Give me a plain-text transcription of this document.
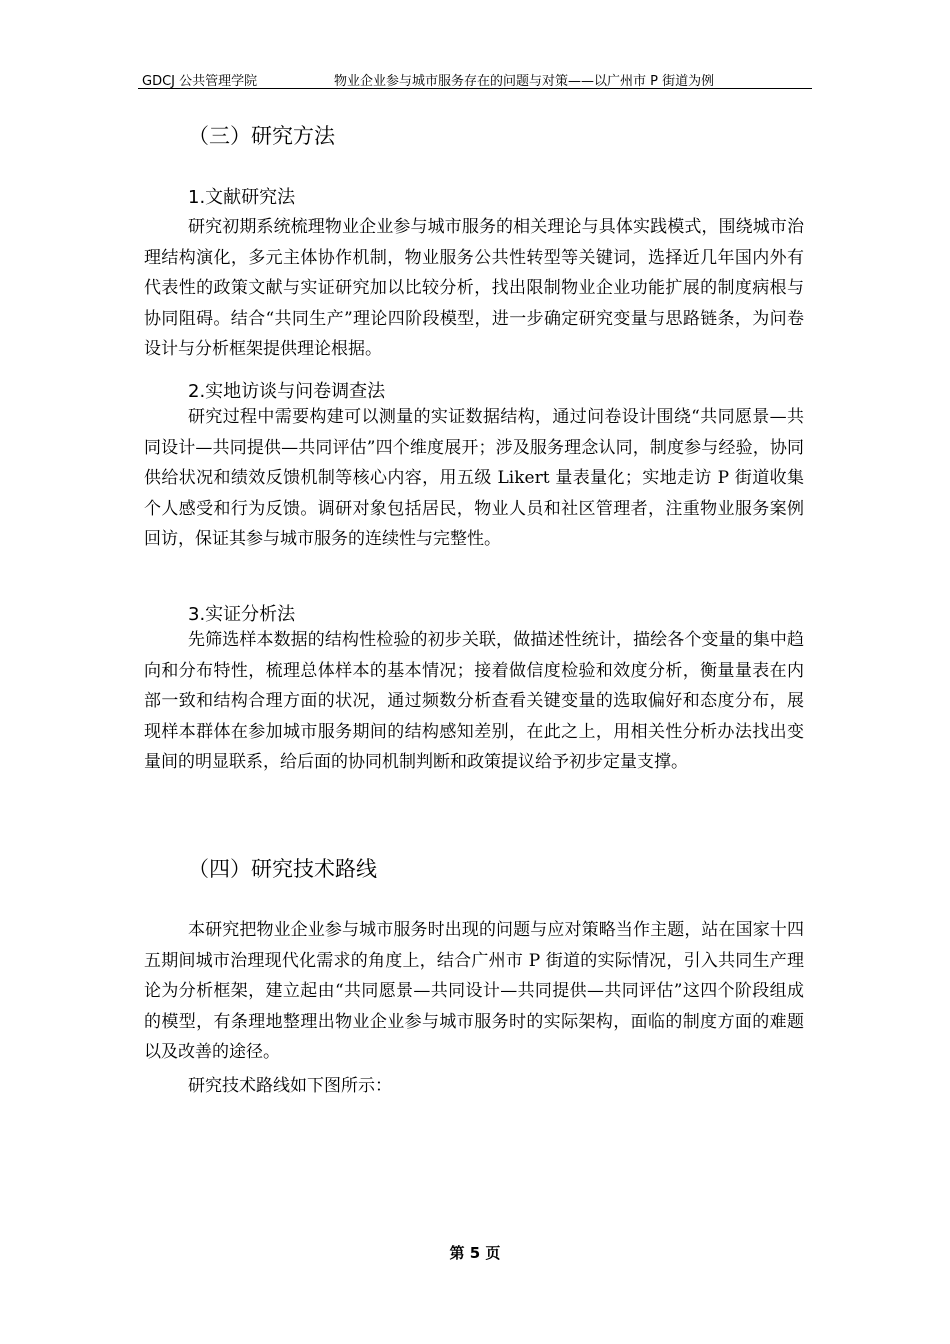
GDCJ 公共管理学院	物业企业参与城市服务存在的问题与对策——以广州市 P 街道为例
（三）研究方法
1.文献研究法

研究初期系统梳理物业企业参与城市服务的相关理论与具体实践模式，围绕城市治理结构演化，多元主体协作机制，物业服务公共性转型等关键词，选择近几年国内外有代表性的政策文献与实证研究加以比较分析，找出限制物业企业功能扩展的制度病根与协同阻碍。结合“共同生产”理论四阶段模型，进一步确定研究变量与思路链条，为问卷设计与分析框架提供理论根据。

2.实地访谈与问卷调查法

研究过程中需要构建可以测量的实证数据结构，通过问卷设计围绕“共同愿景—共同设计—共同提供—共同评估”四个维度展开；涉及服务理念认同，制度参与经验，协同供给状况和绩效反馈机制等核心内容，用五级 Likert 量表量化；实地走访 P 街道收集个人感受和行为反馈。调研对象包括居民，物业人员和社区管理者，注重物业服务案例回访，保证其参与城市服务的连续性与完整性。

3.实证分析法

先筛选样本数据的结构性检验的初步关联，做描述性统计，描绘各个变量的集中趋向和分布特性，梳理总体样本的基本情况；接着做信度检验和效度分析，衡量量表在内部一致和结构合理方面的状况，通过频数分析查看关键变量的选取偏好和态度分布，展现样本群体在参加城市服务期间的结构感知差别，在此之上，用相关性分析办法找出变量间的明显联系，给后面的协同机制判断和政策提议给予初步定量支撑。

（四）研究技术路线

本研究把物业企业参与城市服务时出现的问题与应对策略当作主题，站在国家十四五期间城市治理现代化需求的角度上，结合广州市 P 街道的实际情况，引入共同生产理论为分析框架，建立起由“共同愿景—共同设计—共同提供—共同评估”这四个阶段组成的模型，有条理地整理出物业企业参与城市服务时的实际架构，面临的制度方面的难题以及改善的途径。

研究技术路线如下图所示：

第 5 页
